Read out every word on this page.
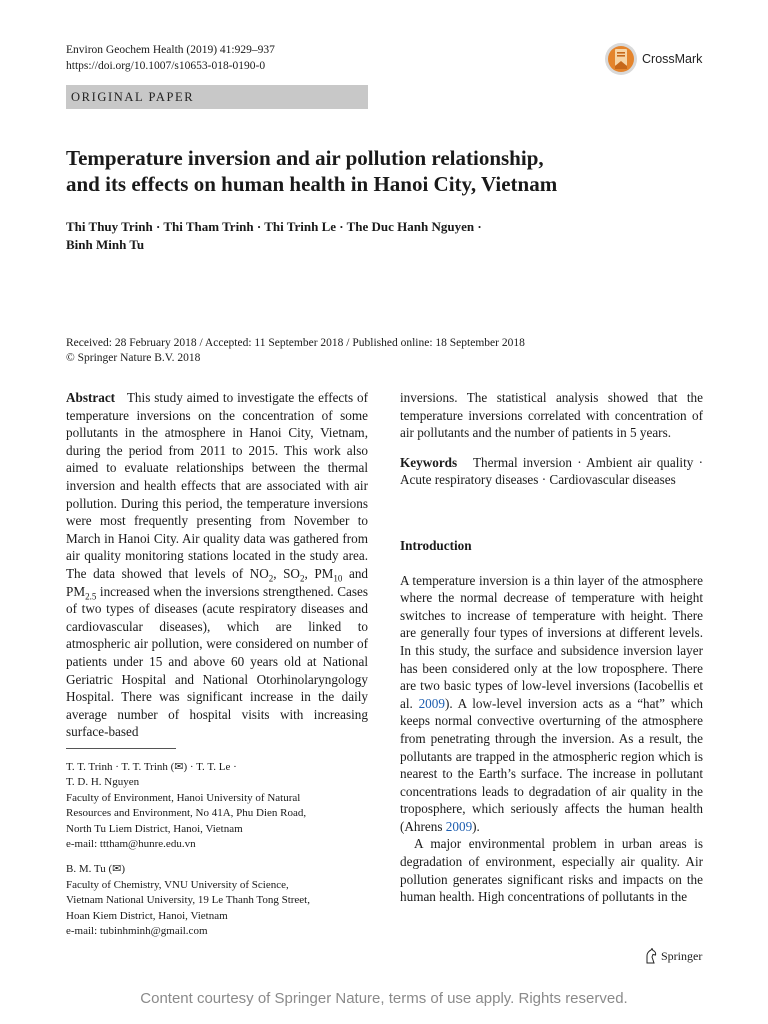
Environ Geochem Health (2019) 41:929–937
https://doi.org/10.1007/s10653-018-0190-0	CrossMark
ORIGINAL PAPER
Temperature inversion and air pollution relationship,
and its effects on human health in Hanoi City, Vietnam
Thi Thuy Trinh · Thi Tham Trinh · Thi Trinh Le · The Duc Hanh Nguyen ·
Binh Minh Tu
Received: 28 February 2018 / Accepted: 11 September 2018 / Published online: 18 September 2018
© Springer Nature B.V. 2018

Abstract This study aimed to investigate the effects of temperature inversions on the concentration of some pollutants in the atmosphere in Hanoi City, Vietnam, during the period from 2011 to 2015. This work also aimed to evaluate relationships between the thermal inversion and health effects that are associated with air pollution. During this period, the temperature inversions were most frequently presenting from November to March in Hanoi City. Air quality data was gathered from air quality monitoring stations located in the study area. The data showed that levels of $NO_2$, $SO_2$, $PM_{10}$ and $PM_{2.5}$ increased when the inversions strengthened. Cases of two types of diseases (acute respiratory diseases and cardiovascular diseases), which are linked to atmospheric air pollution, were considered on number of patients under 15 and above 60 years old at National Geriatric Hospital and National Otorhinolaryngology Hospital. There was significant increase in the daily average number of hospital visits with increasing surface-based

T. T. Trinh · T. T. Trinh (✉) · T. T. Le ·
T. D. H. Nguyen
Faculty of Environment, Hanoi University of Natural
Resources and Environment, No 41A, Phu Dien Road,
North Tu Liem District, Hanoi, Vietnam
e-mail: tttham@hunre.edu.vn
B. M. Tu (✉)
Faculty of Chemistry, VNU University of Science,
Vietnam National University, 19 Le Thanh Tong Street,
Hoan Kiem District, Hanoi, Vietnam
e-mail: tubinhminh@gmail.com

inversions. The statistical analysis showed that the temperature inversions correlated with concentration of air pollutants and the number of patients in 5 years.

Keywords Thermal inversion · Ambient air quality · Acute respiratory diseases · Cardiovascular diseases

Introduction

A temperature inversion is a thin layer of the atmosphere where the normal decrease of temperature with height switches to increase of temperature with height. There are generally four types of inversions at different levels. In this study, the surface and subsidence inversion layer has been considered only at the low troposphere. There are two basic types of low-level inversions (Iacobellis et al. 2009). A low-level inversion acts as a “hat” which keeps normal convective overturning of the atmosphere from penetrating through the inversion. As a result, the pollutants are trapped in the atmospheric region which is nearest to the Earth’s surface. The increase in pollutant concentrations leads to degradation of air quality in the troposphere, which seriously affects the human health (Ahrens 2009).

A major environmental problem in urban areas is degradation of environment, especially air quality. Air pollution generates significant risks and impacts on the human health. High concentrations of pollutants in the

Springer
Content courtesy of Springer Nature, terms of use apply. Rights reserved.
